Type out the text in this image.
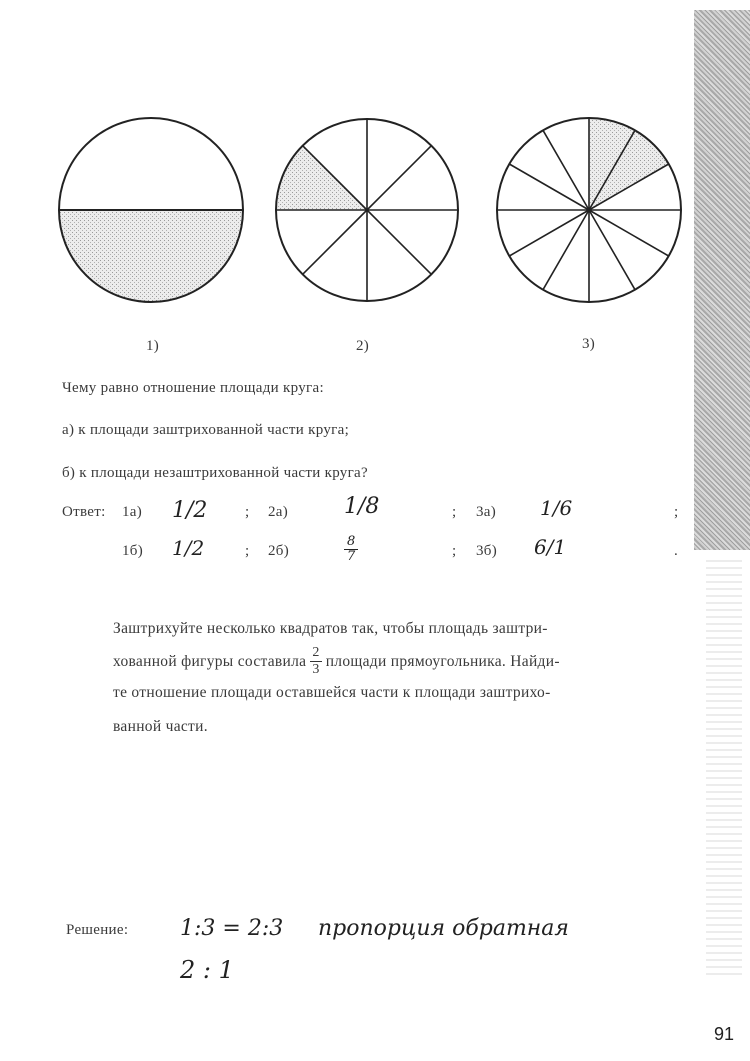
1)	2)	3)
Чему равно отношение площади круга:
а) к площади заштрихованной части круга;
б) к площади незаштрихованной части круга?
Ответ: 1а) 1/2	; 2а)	1/8	; 3а) 1/6	;
1б) 1/2	; 2б)	$\frac{8}{7}$	; 3б) 6/1	.
Заштрихуйте несколько квадратов так, чтобы площадь заштри-
хованной фигуры составила $\frac{2}{3}$ площади прямоугольника. Найди-
те отношение площади оставшейся части к площади заштрихо-
ванной части.
Решение: 1:3 = 2:3 пропорция обратная
2 : 1
91
